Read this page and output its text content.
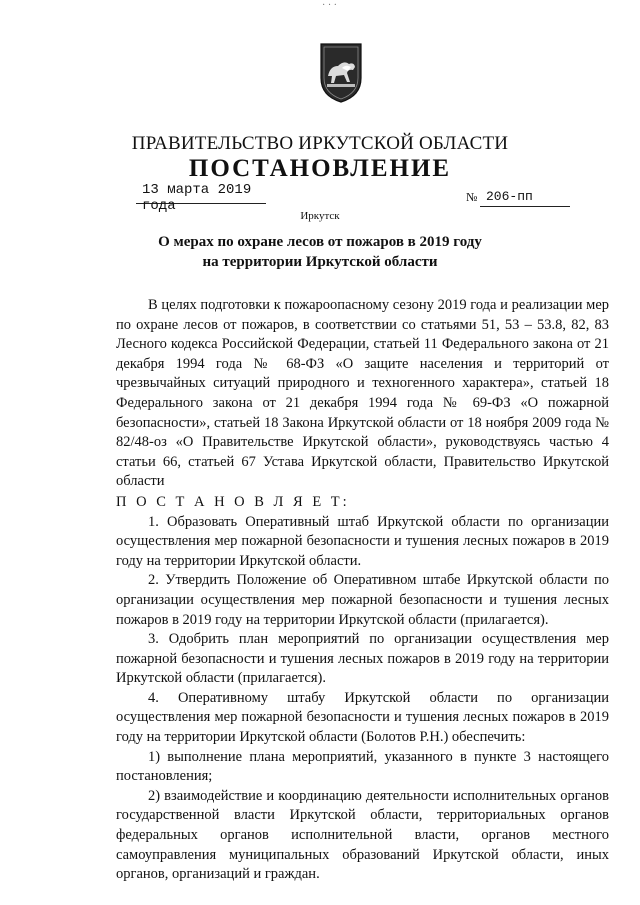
· · ·
ПРАВИТЕЛЬСТВО ИРКУТСКОЙ ОБЛАСТИ
ПОСТАНОВЛЕНИЕ
13 марта 2019 года
№ 206-пп
Иркутск
О мерах по охране лесов от пожаров в 2019 году
на территории Иркутской области

В целях подготовки к пожароопасному сезону 2019 года и реализации мер по охране лесов от пожаров, в соответствии со статьями 51, 53 – 53.8, 82, 83 Лесного кодекса Российской Федерации, статьей 11 Федерального закона от 21 декабря 1994 года № 68-ФЗ «О защите населения и территорий от чрезвычайных ситуаций природного и техногенного характера», статьей 18 Федерального закона от 21 декабря 1994 года № 69-ФЗ «О пожарной безопасности», статьей 18 Закона Иркутской области от 18 ноября 2009 года № 82/48-оз «О Правительстве Иркутской области», руководствуясь частью 4 статьи 66, статьей 67 Устава Иркутской области, Правительство Иркутской области

П О С Т А Н О В Л Я Е Т:

1. Образовать Оперативный штаб Иркутской области по организации осуществления мер пожарной безопасности и тушения лесных пожаров в 2019 году на территории Иркутской области.

2. Утвердить Положение об Оперативном штабе Иркутской области по организации осуществления мер пожарной безопасности и тушения лесных пожаров в 2019 году на территории Иркутской области (прилагается).

3. Одобрить план мероприятий по организации осуществления мер пожарной безопасности и тушения лесных пожаров в 2019 году на территории Иркутской области (прилагается).

4. Оперативному штабу Иркутской области по организации осуществления мер пожарной безопасности и тушения лесных пожаров в 2019 году на территории Иркутской области (Болотов Р.Н.) обеспечить:

1) выполнение плана мероприятий, указанного в пункте 3 настоящего постановления;

2) взаимодействие и координацию деятельности исполнительных органов государственной власти Иркутской области, территориальных органов федеральных органов исполнительной власти, органов местного самоуправления муниципальных образований Иркутской области, иных органов, организаций и граждан.
